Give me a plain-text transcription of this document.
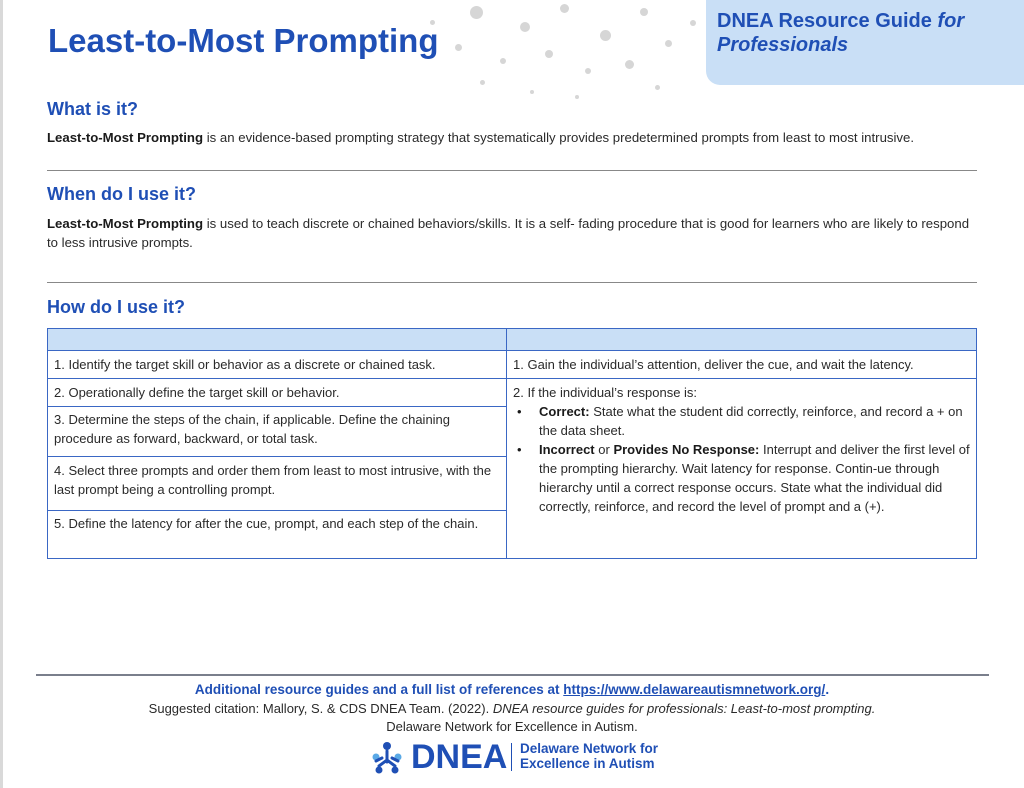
Least-to-Most Prompting
DNEA Resource Guide for Professionals
What is it?

Least-to-Most Prompting is an evidence-based prompting strategy that systematically provides predetermined prompts from least to most intrusive.

When do I use it?

Least-to-Most Prompting is used to teach discrete or chained behaviors/skills. It is a self- fading procedure that is good for learners who are likely to respond to less intrusive prompts.

How do I use it?
1. Identify the target skill or behavior as a discrete or chained task.
2. Operationally define the target skill or behavior.
3. Determine the steps of the chain, if applicable. Define the chaining procedure as forward, backward, or total task.
4. Select three prompts and order them from least to most intrusive, with the last prompt being a controlling prompt.
5. Define the latency for after the cue, prompt, and each step of the chain.
1. Gain the individual’s attention, deliver the cue, and wait the latency.
2. If the individual’s response is:
• Correct: State what the student did correctly, reinforce, and record a + on the data sheet.
• Incorrect or Provides No Response: Interrupt and deliver the first level of the prompting hierarchy. Wait latency for response. Contin-ue through hierarchy until a correct response occurs. State what the individual did correctly, reinforce, and record the level of prompt and a (+).

Additional resource guides and a full list of references at https://www.delawareautismnetwork.org/.

Suggested citation: Mallory, S. & CDS DNEA Team. (2022). DNEA resource guides for professionals: Least-to-most prompting.

Delaware Network for Excellence in Autism.

DNEA Delaware Network for
Excellence in Autism
